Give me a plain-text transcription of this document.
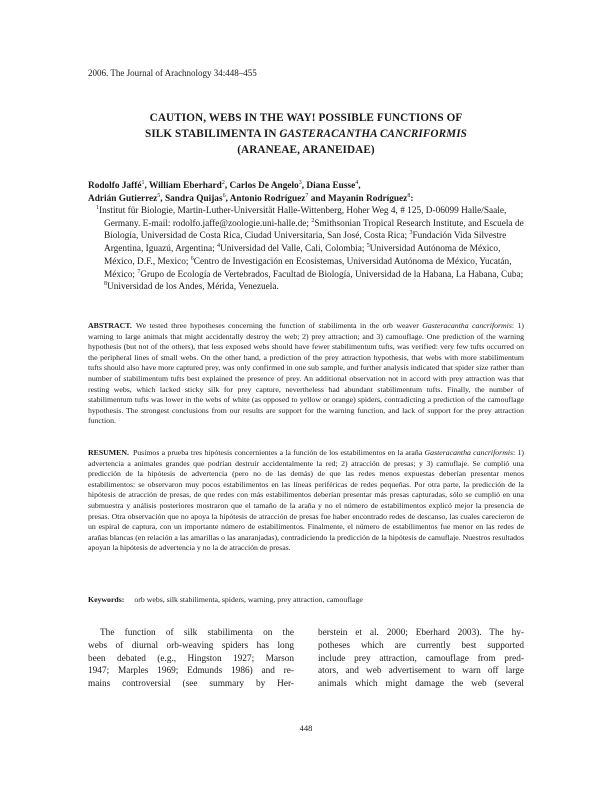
2006. The Journal of Arachnology 34:448–455
CAUTION, WEBS IN THE WAY! POSSIBLE FUNCTIONS OF
SILK STABILIMENTA IN GASTERACANTHA CANCRIFORMIS
(ARANEAE, ARANEIDAE)
Rodolfo Jaffé$^1$, William Eberhard$^2$, Carlos De Angelo$^3$, Diana Eusse$^4$,
Adrián Gutierrez$^5$, Sandra Quijas$^6$, Antonio Rodríguez$^7$ and Mayanin Rodríguez$^8$:
$^1$Institut für Biologie, Martin-Luther-Universität Halle-Wittenberg, Hoher Weg 4, # 125, D-06099 Halle/Saale, Germany. E-mail: rodolfo.jaffe@zoologie.uni-halle.de; $^2$Smithsonian Tropical Research Institute, and Escuela de Biología, Universidad de Costa Rica, Ciudad Universitaria, San José, Costa Rica; $^3$Fundación Vida Silvestre Argentina, Iguazú, Argentina; $^4$Universidad del Valle, Cali, Colombia; $^5$Universidad Autónoma de México, México, D.F., Mexico; $^6$Centro de Investigación en Ecosistemas, Universidad Autónoma de México, Yucatán, México; $^7$Grupo de Ecología de Vertebrados, Facultad de Biología, Universidad de la Habana, La Habana, Cuba; $^8$Universidad de los Andes, Mérida, Venezuela.
ABSTRACT. We tested three hypotheses concerning the function of stabilimenta in the orb weaver Gasteracantha cancriformis: 1) warning to large animals that might accidentally destroy the web; 2) prey attraction; and 3) camouflage. One prediction of the warning hypothesis (but not of the others), that less exposed webs should have fewer stabilimentum tufts, was verified: very few tufts occurred on the peripheral lines of small webs. On the other hand, a prediction of the prey attraction hypothesis, that webs with more stabilimentum tufts should also have more captured prey, was only confirmed in one sub sample, and further analysis indicated that spider size rather than number of stabilimentum tufts best explained the presence of prey. An additional observation not in accord with prey attraction was that resting webs, which lacked sticky silk for prey capture, nevertheless had abundant stabilimentum tufts. Finally, the number of stabilimentum tufts was lower in the webs of white (as opposed to yellow or orange) spiders, contradicting a prediction of the camouflage hypothesis. The strongest conclusions from our results are support for the warning function, and lack of support for the prey attraction function.
RESUMEN. Pusimos a prueba tres hipótesis concernientes a la función de los estabilimentos en la araña Gasteracantha cancriformis: 1) advertencia a animales grandes que podrían destruir accidentalmente la red; 2) atracción de presas; y 3) camuflaje. Se cumplió una predicción de la hipótesis de advertencia (pero no de las demás) de que las redes menos expuestas deberían presentar menos estabilimentos: se observaron muy pocos estabilimentos en las líneas periféricas de redes pequeñas. Por otra parte, la predicción de la hipótesis de atracción de presas, de que redes con más estabilimentos deberían presentar más presas capturadas, sólo se cumplió en una submuestra y análisis posteriores mostraron que el tamaño de la araña y no el número de estabilimentos explicó mejor la presencia de presas. Otra observación que no apoya la hipótesis de atracción de presas fue haber encontrado redes de descanso, las cuales carecieron de un espiral de captura, con un importante número de estabilimentos. Finalmente, el número de estabilimentos fue menor en las redes de arañas blancas (en relación a las amarillas o las anaranjadas), contradiciendo la predicción de la hipótesis de camuflaje. Nuestros resultados apoyan la hipótesis de advertencia y no la de atracción de presas.
Keywords: orb webs, silk stabilimenta, spiders, warning, prey attraction, camouflage
The function of silk stabilimenta on the
webs of diurnal orb-weaving spiders has long
been debated (e.g., Hingston 1927; Marson
1947; Marples 1969; Edmunds 1986) and re-
mains controversial (see summary by Her-
berstein et al. 2000; Eberhard 2003). The hy-
potheses which are currently best supported
include prey attraction, camouflage from pred-
ators, and web advertisement to warn off large
animals which might damage the web (several
448
